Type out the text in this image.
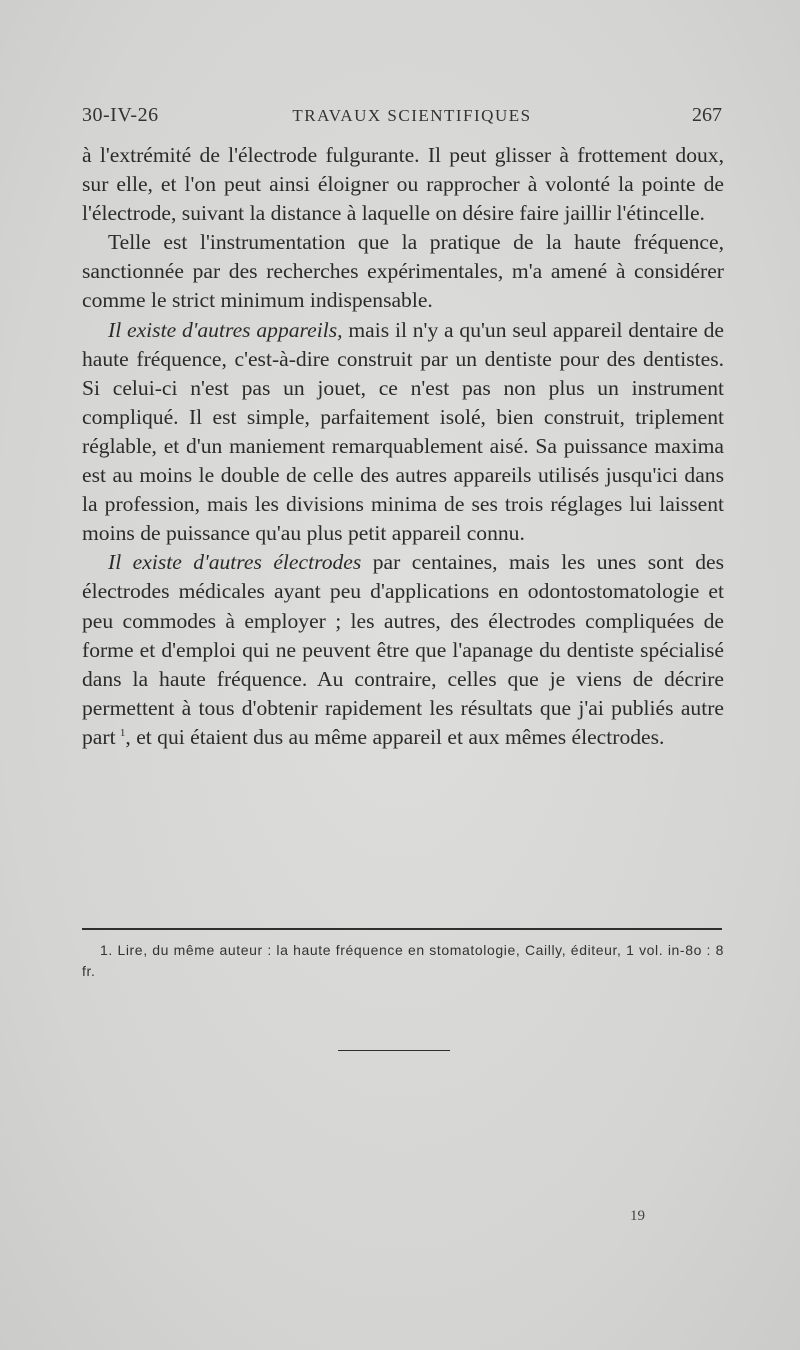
30-IV-26	TRAVAUX SCIENTIFIQUES	267

à l'extrémité de l'électrode fulgurante. Il peut glisser à frottement doux, sur elle, et l'on peut ainsi éloigner ou rapprocher à volonté la pointe de l'électrode, suivant la distance à laquelle on désire faire jaillir l'étincelle.

Telle est l'instrumentation que la pratique de la haute fréquence, sanctionnée par des recherches expérimentales, m'a amené à considérer comme le strict minimum indispensable.

Il existe d'autres appareils, mais il n'y a qu'un seul appareil dentaire de haute fréquence, c'est-à-dire construit par un dentiste pour des dentistes. Si celui-ci n'est pas un jouet, ce n'est pas non plus un instrument compliqué. Il est simple, parfaitement isolé, bien construit, triplement réglable, et d'un maniement remarquablement aisé. Sa puissance maxima est au moins le double de celle des autres appareils utilisés jusqu'ici dans la profession, mais les divisions minima de ses trois réglages lui laissent moins de puissance qu'au plus petit appareil connu.

Il existe d'autres électrodes par centaines, mais les unes sont des électrodes médicales ayant peu d'applications en odontostomatologie et peu commodes à employer ; les autres, des électrodes compliquées de forme et d'emploi qui ne peuvent être que l'apanage du dentiste spécialisé dans la haute fréquence. Au contraire, celles que je viens de décrire permettent à tous d'obtenir rapidement les résultats que j'ai publiés autre part  $^1$, et qui étaient dus au même appareil et aux mêmes électrodes.

1. Lire, du même auteur : la haute fréquence en stomatologie, Cailly, éditeur, 1 vol. in-8o : 8 fr.

19
